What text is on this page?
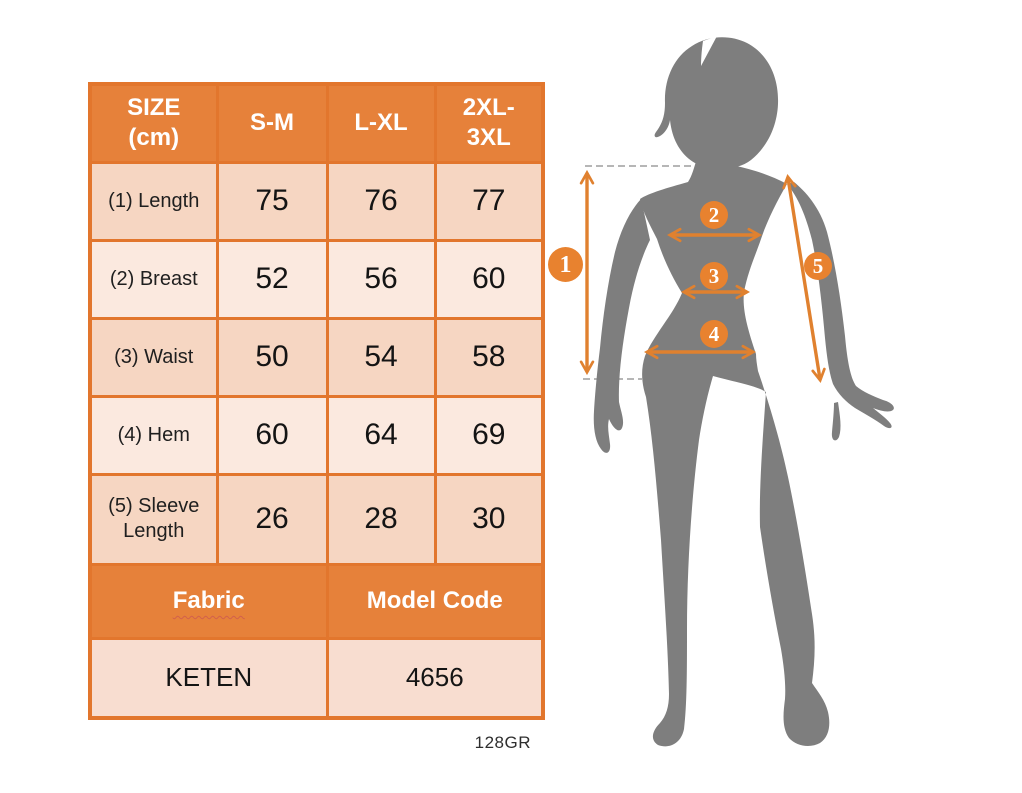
SIZE (cm)	S-M	L-XL	2XL-3XL
(1) Length	75	76	77
(2) Breast	52	56	60
(3) Waist	50	54	58
(4) Hem	60	64	69
(5) Sleeve Length	26	28	30
Fabric		Model Code	
KETEN		4656	
128GR
1
2
3
4
5
